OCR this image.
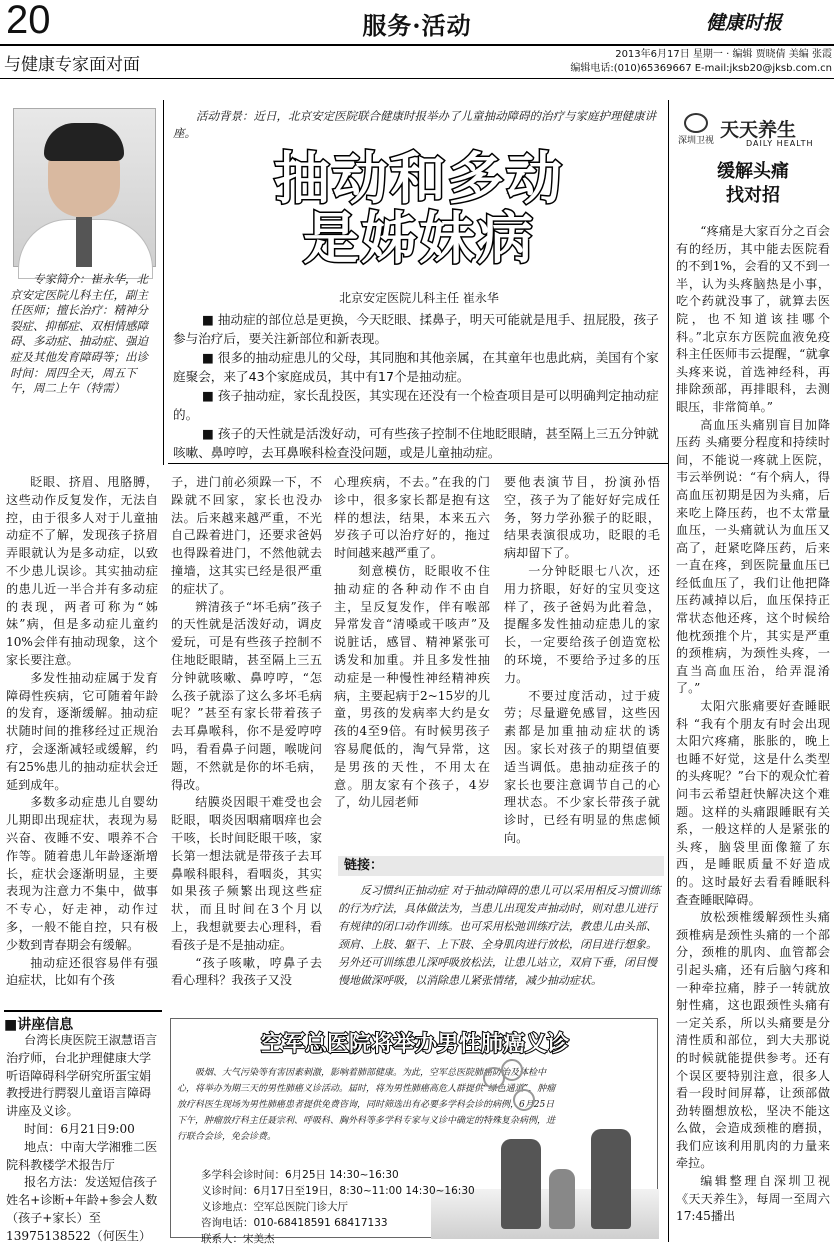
20	服务·活动	健康时报
与健康专家面对面
2013年6月17日 星期一 · 编辑 贾晓倩 美编 张霞
编辑电话:(010)65369667 E-mail:jksb20@jksb.com.cn
专家简介：崔永华，北京安定医院儿科主任，副主任医师；擅长治疗：精神分裂症、抑郁症、双相情感障碍、多动症、抽动症、强迫症及其他发育障碍等；出诊时间：周四全天，周五下午，周二上午（特需）
活动背景：近日，北京安定医院联合健康时报举办了儿童抽动障碍的治疗与家庭护理健康讲座。
抽动和多动
是姊妹病
北京安定医院儿科主任 崔永华

■ 抽动症的部位总是更换，今天眨眼、揉鼻子，明天可能就是甩手、扭屁股，孩子参与治疗后，要关注新部位和新表现。

■ 很多的抽动症患儿的父母，其同胞和其他亲属，在其童年也患此病，美国有个家庭聚会，来了43个家庭成员，其中有17个是抽动症。

■ 孩子抽动症，家长乱投医，其实现在还没有一个检查项目是可以明确判定抽动症的。

■ 孩子的天性就是活泼好动，可有些孩子控制不住地眨眼睛，甚至隔上三五分钟就咳嗽、鼻哼哼，去耳鼻喉科检查没问题，或是儿童抽动症。

眨眼、挤眉、甩胳膊，这些动作反复发作，无法自控，由于很多人对于儿童抽动症不了解，发现孩子挤眉弄眼就认为是多动症，以致不少患儿误诊。其实抽动症的患儿近一半合并有多动症的表现，两者可称为“姊妹”病，但是多动症儿童约10%会伴有抽动现象，这个家长要注意。

多发性抽动症属于发育障碍性疾病，它可随着年龄的发育，逐渐缓解。抽动症状随时间的推移经过正规治疗，会逐渐减轻或缓解，约有25%患儿的抽动症状会迁延到成年。

多数多动症患儿自婴幼儿期即出现症状，表现为易兴奋、夜睡不安、喂养不合作等。随着患儿年龄逐渐增长，症状会逐渐明显，主要表现为注意力不集中，做事不专心，好走神，动作过多，一般不能自控，只有极少数到青春期会有缓解。

抽动症还很容易伴有强迫症状，比如有个孩

子，进门前必须跺一下，不跺就不回家，家长也没办法。后来越来越严重，不光自己跺着进门，还要求爸妈也得跺着进门，不然他就去撞墙，这其实已经是很严重的症状了。

辨清孩子“坏毛病”孩子的天性就是活泼好动，调皮爱玩，可是有些孩子控制不住地眨眼睛，甚至隔上三五分钟就咳嗽、鼻哼哼，“怎么孩子就添了这么多坏毛病呢？”甚至有家长带着孩子去耳鼻喉科，你不是爱哼哼吗，看看鼻子问题，喉咙问题，不然就是你的坏毛病，得改。

结膜炎因眼干难受也会眨眼，咽炎因咽痛咽痒也会干咳，长时间眨眼干咳，家长第一想法就是带孩子去耳鼻喉科眼科，看咽炎，其实如果孩子频繁出现这些症状，而且时间在3个月以上，我想就要去心理科，看看孩子是不是抽动症。

“孩子咳嗽，哼鼻子去看心理科？我孩子又没

心理疾病，不去。”在我的门诊中，很多家长都是抱有这样的想法，结果，本来五六岁孩子可以治疗好的，拖过时间越来越严重了。

刻意模仿，眨眼收不住 抽动症的各种动作不由自主，呈反复发作，伴有喉部异常发音“清嗓或干咳声”及说脏话，感冒、精神紧张可诱发和加重。并且多发性抽动症是一种慢性神经精神疾病，主要起病于2~15岁的儿童，男孩的发病率大约是女孩的4至9倍。有时候男孩子容易爬低的，淘气异常，这是男孩的天性，不用太在意。朋友家有个孩子，4岁了，幼儿园老师

要他表演节目，扮演孙悟空，孩子为了能好好完成任务，努力学孙猴子的眨眼，结果表演很成功，眨眼的毛病却留下了。

一分钟眨眼七八次，还用力挤眼，好好的宝贝变这样了，孩子爸妈为此着急，提醒多发性抽动症患儿的家长，一定要给孩子创造宽松的环境，不要给予过多的压力。

不要过度活动，过于疲劳；尽量避免感冒，这些因素都是加重抽动症状的诱因。家长对孩子的期望值要适当调低。患抽动症孩子的家长也要注意调节自己的心理状态。不少家长带孩子就诊时，已经有明显的焦虑倾向。

链接：
反习惯纠正抽动症 对于抽动障碍的患儿可以采用相反习惯训练的行为疗法，具体做法为，当患儿出现发声抽动时，则对患儿进行有规律的闭口动作训练。也可采用松弛训练疗法，教患儿由头部、颈肩、上肢、躯干、上下肢、全身肌肉进行放松，闭目进行想象。另外还可训练患儿深呼吸放松法，让患儿站立，双肩下垂，闭目慢慢地做深呼吸，以消除患儿紧张情绪，减少抽动症状。
■讲座信息

台湾长庚医院王淑慧语言治疗师，台北护理健康大学听语障碍科学研究所蛋宝娟教授进行腭裂儿童语言障碍讲座及义诊。

时间：6月21日9:00

地点：中南大学湘雅二医院科教楼学术报告厅

报名方法：发送短信孩子姓名+诊断+年龄+参会人数（孩子+家长）至13975138522（何医生）

空军总医院将举办男性肺癌义诊
吸烟、大气污染等有害因素刺激，影响着肺部健康。为此，空军总医院肺癌防治及体检中心，将举办为期三天的男性肺癌义诊活动。届时，将为男性肺癌高危人群提供“绿色通道”，肿瘤放疗科医生现场为男性肺癌患者提供免费咨询，同时筛选出有必要多学科会诊的病例，6月25日下午，肿瘤放疗科主任聂宗利、呼吸科、胸外科等多学科专家与义诊中确定的特殊复杂病例，进行联合会诊，免会诊费。
多学科会诊时间：6月25日 14:30~16:30
义诊时间：6月17日至19日，8:30~11:00 14:30~16:30
义诊地点：空军总医院门诊大厅
咨询电话：010-68418591 68417133
联系人：宋美杰
深圳卫视 天天养生
DAILY HEALTH
缓解头痛
找对招

“疼痛是大家百分之百会有的经历，其中能去医院看的不到1%，会看的又不到一半，认为头疼脑热是小事，吃个药就没事了，就算去医院，也不知道该挂哪个科。”北京东方医院血液免疫科主任医师韦云提醒，“就拿头疼来说，首选神经科，再排除颈部，再排眼科，去测眼压，非常简单。”

高血压头痛别盲目加降压药 头痛要分程度和持续时间，不能说一疼就上医院，韦云举例说：“有个病人，得高血压初期是因为头痛，后来吃上降压药，也不太常量血压，一头痛就认为血压又高了，赶紧吃降压药，后来一直在疼，到医院量血压已经低血压了，我们让他把降压药减掉以后，血压保持正常状态他还疼，这个时候给他枕颈推个片，其实是严重的颈椎病，为颈性头疼，一直当高血压治，给弄混淆了。”

太阳穴胀痛要好查睡眠科 “我有个朋友有时会出现太阳穴疼痛，胀胀的，晚上也睡不好觉，这是什么类型的头疼呢？”台下的观众忙着问韦云希望赶快解决这个难题。这样的头痛跟睡眠有关系，一般这样的人是紧张的头疼，脑袋里面像箍了东西，是睡眠质量不好造成的。这时最好去看看睡眠科查查睡眠障碍。

放松颈椎缓解颈性头痛 颈椎病是颈性头痛的一个部分，颈椎的肌肉、血管都会引起头痛，还有后脑勺疼和一种牵拉痛，脖子一转就放射性痛，这也跟颈性头痛有一定关系，所以头痛要是分清性质和部位，到大夫那说的时候就能提供参考。还有个误区要特别注意，很多人看一段时间屏幕，让颈部做劲转圈想放松，坚决不能这么做，会造成颈椎的磨损，我们应该利用肌肉的力量来牵拉。

编辑整理自深圳卫视《天天养生》，每周一至周六17:45播出
